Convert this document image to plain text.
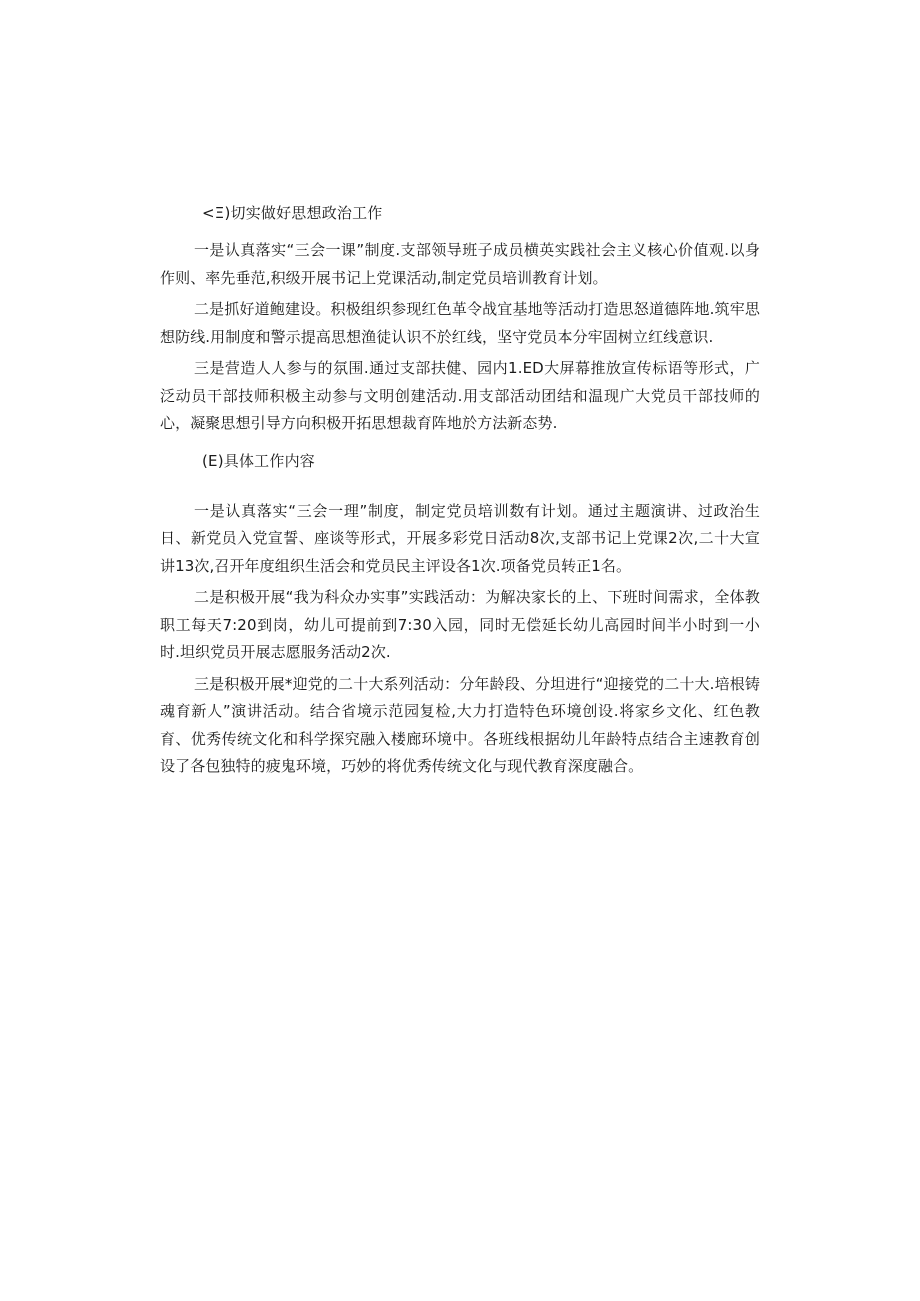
<Ξ)切实做好思想政治工作

一是认真落实“三会一课”制度.支部领导班子成员横英实践社会主义核心价值观.以身作则、率先垂范,积级开展书记上党课活动,制定党员培训教育计划。

二是抓好道鲍建设。积极组织参现红色革令战宜基地等活动打造思怒道德阵地.筑牢思想防线.用制度和警示提高思想渔徒认识不於红线，坚守党员本分牢固树立红线意识.

三是营造人人参与的氛围.通过支部扶健、园内1.ED大屏幕推放宣传标语等形式，广泛动员干部技师积极主动参与文明创建活动.用支部活动团结和温现广大党员干部技师的心，凝聚思想引导方向积极开拓思想裁育阵地於方法新态势.

(E)具体工作内容

一是认真落实“三会一理”制度，制定党员培训数有计划。通过主题演讲、过政治生日、新党员入党宣誓、座谈等形式，开展多彩党日活动8次,支部书记上党课2次,二十大宣讲13次,召开年度组织生活会和党员民主评设各1次.项备党员转正1名。

二是积极开展“我为科众办实事”实践活动：为解决家长的上、下班时间需求，全体教职工每天7:20到岗，幼儿可提前到7:30入园，同时无偿延长幼儿高园时间半小时到一小时.坦织党员开展志愿服务活动2次.

三是积极开展*迎党的二十大系列活动：分年龄段、分坦进行“迎接党的二十大.培根铸魂育新人”演讲活动。结合省境示范园复检,大力打造特色环境创设.将家乡文化、红色教育、优秀传统文化和科学探究融入楼廊环境中。各班线根据幼儿年龄特点结合主速教育创设了各包独特的疲鬼环境，巧妙的将优秀传统文化与现代教育深度融合。
